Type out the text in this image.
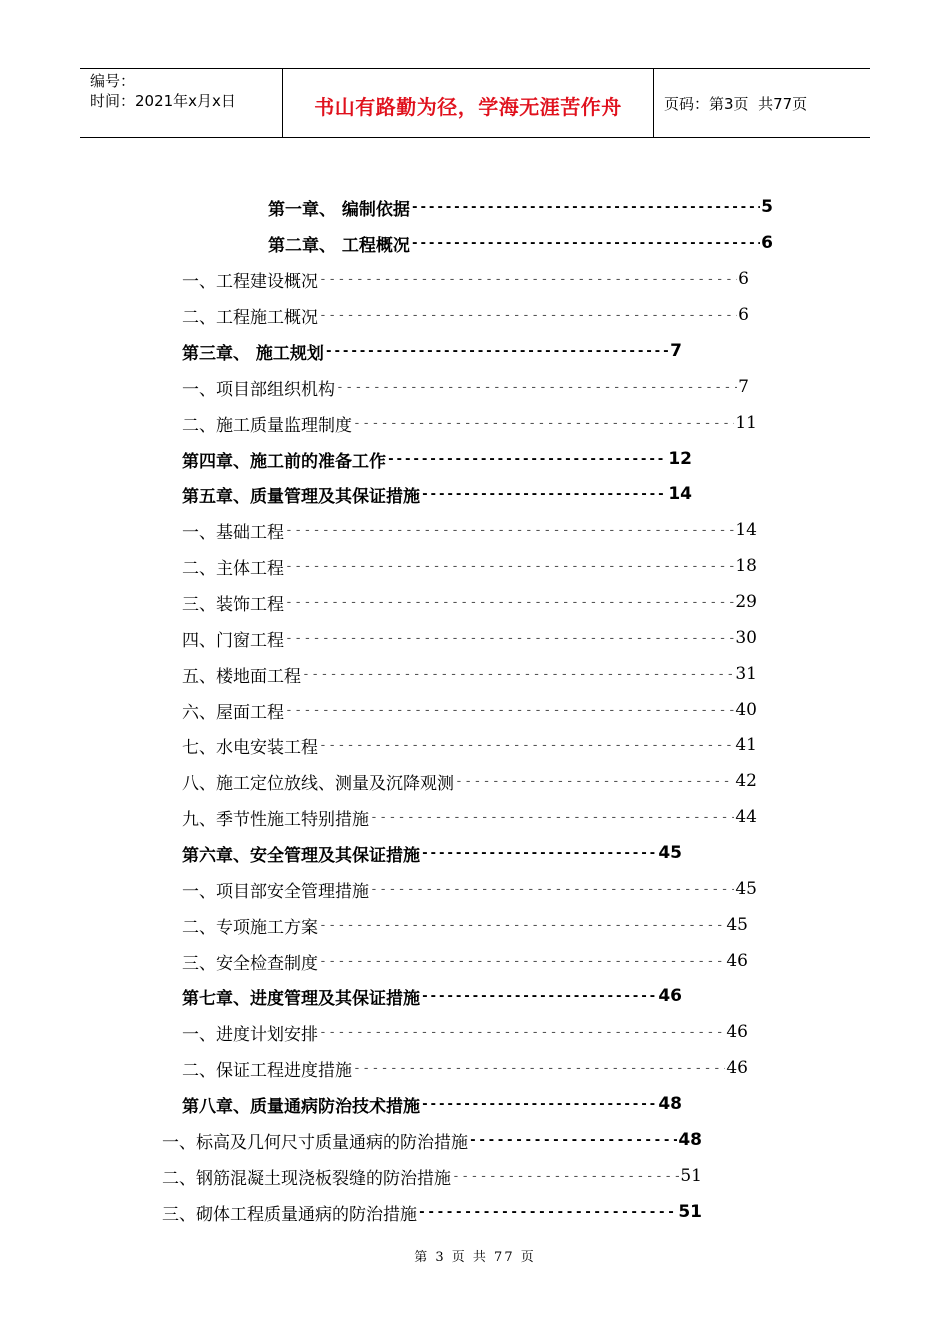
编号：
时间：2021年x月x日	书山有路勤为径，学海无涯苦作舟	页码：第3页  共77页
第一章、 编制依据 -----	5
第二章、 工程概况 -----	6
一、工程建设概况 -----	6
二、工程施工概况 -----	6
第三章、 施工规划 -----	7
一、项目部组织机构 -----	7
二、施工质量监理制度 -----	11
第四章、施工前的准备工作 -----	12
第五章、质量管理及其保证措施 -----	14
一、基础工程 -----	14
二、主体工程 -----	18
三、装饰工程 -----	29
四、门窗工程 -----	30
五、楼地面工程 -----	31
六、屋面工程 -----	40
七、水电安装工程 -----	41
八、施工定位放线、测量及沉降观测 -----	42
九、季节性施工特别措施 -----	44
第六章、安全管理及其保证措施 -----	45
一、项目部安全管理措施 -----	45
二、专项施工方案 -----	45
三、安全检查制度 -----	46
第七章、进度管理及其保证措施 -----	46
一、进度计划安排 -----	46
二、保证工程进度措施 -----	46
第八章、质量通病防治技术措施 -----	48
一、标高及几何尺寸质量通病的防治措施 -----	48
二、钢筋混凝土现浇板裂缝的防治措施 -----	51
三、砌体工程质量通病的防治措施 -----	51
第 3 页 共 77 页
